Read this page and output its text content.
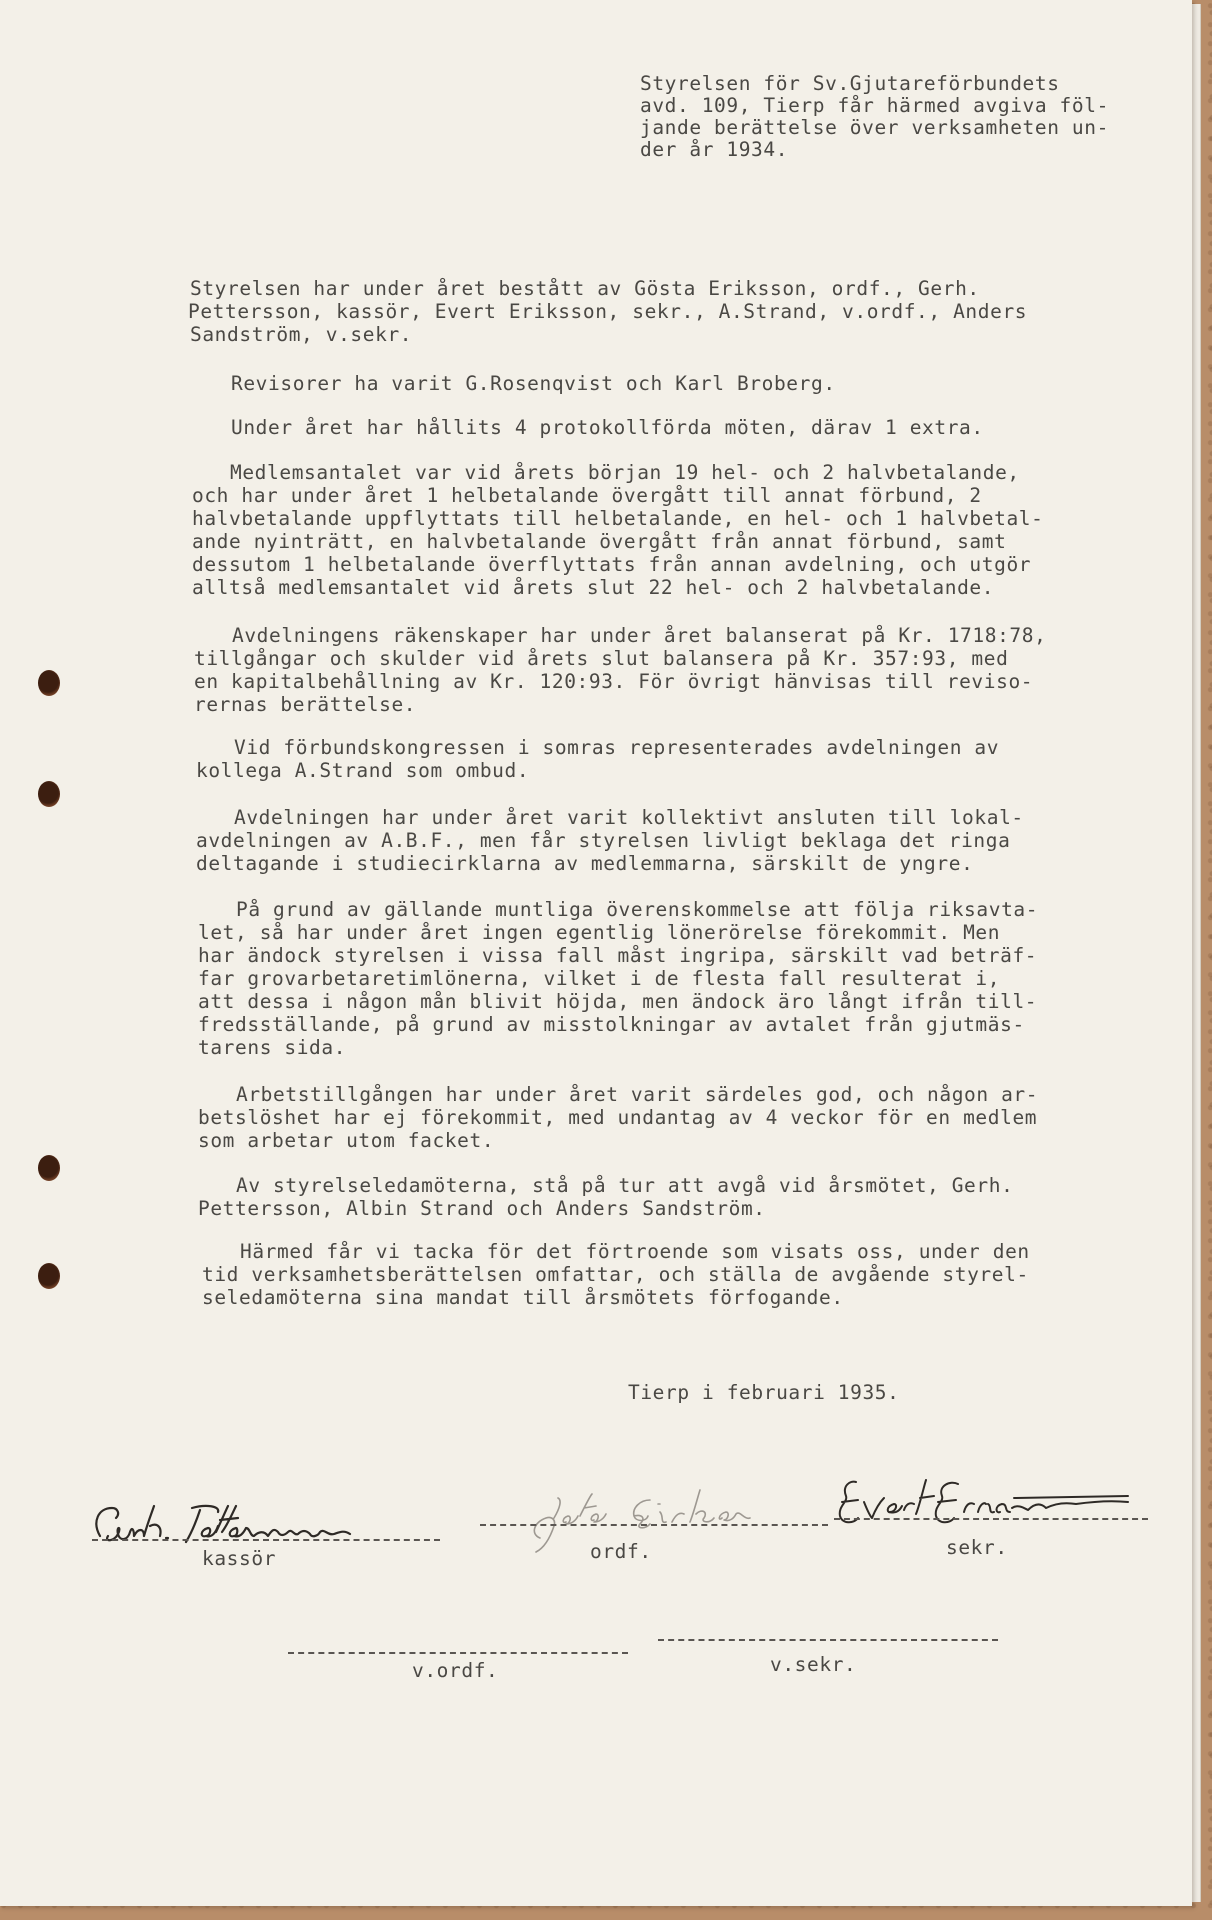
Styrelsen för Sv.Gjutareförbundets
avd. 109, Tierp får härmed avgiva föl-
jande berättelse över verksamheten un-
der år 1934.
Styrelsen har under året bestått av Gösta Eriksson, ordf., Gerh.
Pettersson, kassör, Evert Eriksson, sekr., A.Strand, v.ordf., Anders
Sandström, v.sekr.
Revisorer ha varit G.Rosenqvist och Karl Broberg.
Under året har hållits 4 protokollförda möten, därav 1 extra.
Medlemsantalet var vid årets början 19 hel- och 2 halvbetalande,
och har under året 1 helbetalande övergått till annat förbund, 2
halvbetalande uppflyttats till helbetalande, en hel- och 1 halvbetal-
ande nyinträtt, en halvbetalande övergått från annat förbund, samt
dessutom 1 helbetalande överflyttats från annan avdelning, och utgör
alltså medlemsantalet vid årets slut 22 hel- och 2 halvbetalande.
Avdelningens räkenskaper har under året balanserat på Kr. 1718:78,
tillgångar och skulder vid årets slut balansera på Kr. 357:93, med
en kapitalbehållning av Kr. 120:93. För övrigt hänvisas till reviso-
rernas berättelse.
Vid förbundskongressen i somras representerades avdelningen av
kollega A.Strand som ombud.
Avdelningen har under året varit kollektivt ansluten till lokal-
avdelningen av A.B.F., men får styrelsen livligt beklaga det ringa
deltagande i studiecirklarna av medlemmarna, särskilt de yngre.
På grund av gällande muntliga överenskommelse att följa riksavta-
let, så har under året ingen egentlig lönerörelse förekommit. Men
har ändock styrelsen i vissa fall måst ingripa, särskilt vad beträf-
far grovarbetaretimlönerna, vilket i de flesta fall resulterat i,
att dessa i någon mån blivit höjda, men ändock äro långt ifrån till-
fredsställande, på grund av misstolkningar av avtalet från gjutmäs-
tarens sida.
Arbetstillgången har under året varit särdeles god, och någon ar-
betslöshet har ej förekommit, med undantag av 4 veckor för en medlem
som arbetar utom facket.
Av styrelseledamöterna, stå på tur att avgå vid årsmötet, Gerh.
Pettersson, Albin Strand och Anders Sandström.
Härmed får vi tacka för det förtroende som visats oss, under den
tid verksamhetsberättelsen omfattar, och ställa de avgående styrel-
seledamöterna sina mandat till årsmötets förfogande.
Tierp i februari 1935.
kassör	ordf.	sekr.
v.ordf.	v.sekr.
